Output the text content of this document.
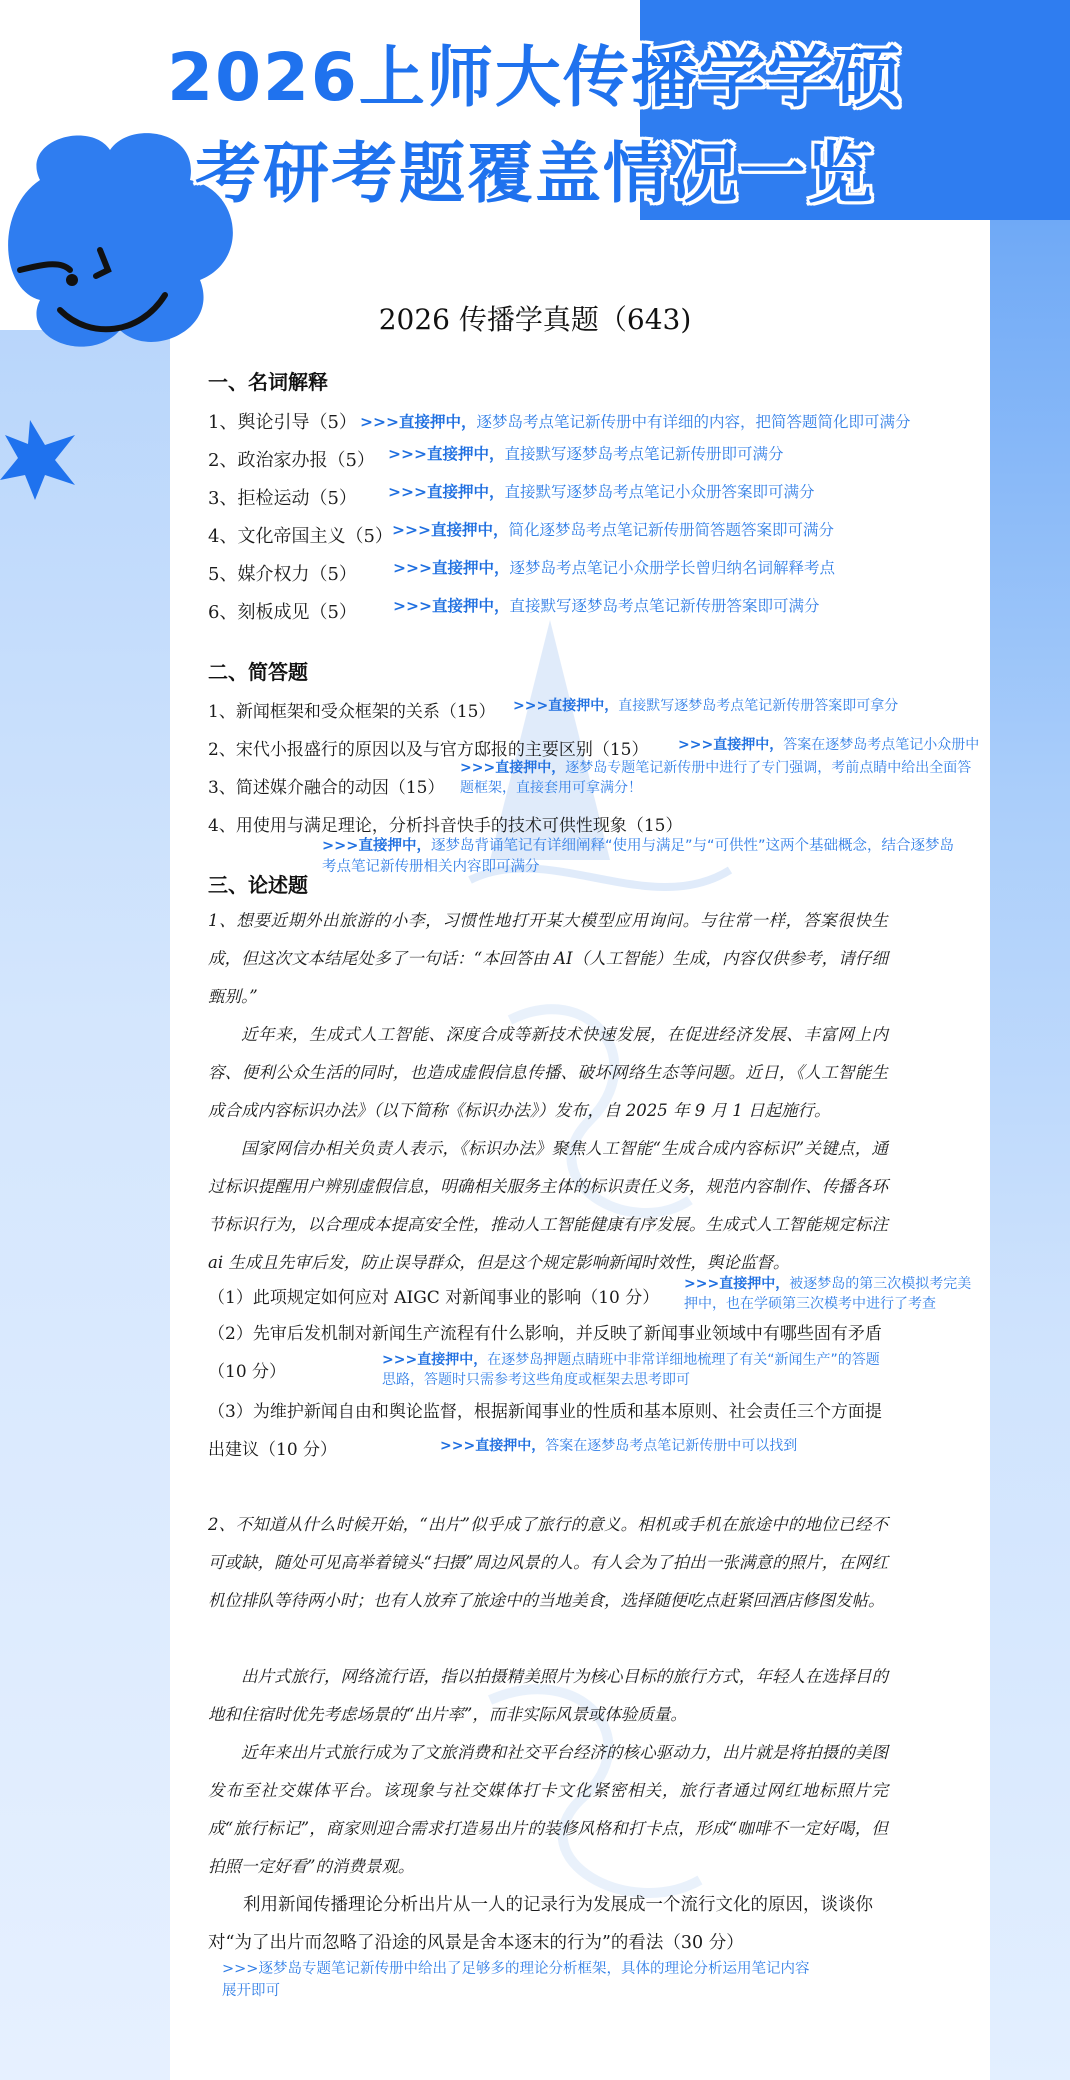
2026上师大传播学学硕
考研考题覆盖情况一览
2026 传播学真题（643)
一、名词解释
1、舆论引导（5） >>>直接押中，逐梦岛考点笔记新传册中有详细的内容，把简答题简化即可满分
2、政治家办报（5） >>>直接押中，直接默写逐梦岛考点笔记新传册即可满分
3、拒检运动（5） >>>直接押中，直接默写逐梦岛考点笔记小众册答案即可满分
4、文化帝国主义（5） >>>直接押中，简化逐梦岛考点笔记新传册简答题答案即可满分
5、媒介权力（5） >>>直接押中，逐梦岛考点笔记小众册学长曾归纳名词解释考点
6、刻板成见（5） >>>直接押中，直接默写逐梦岛考点笔记新传册答案即可满分
二、简答题
1、新闻框架和受众框架的关系（15） >>>直接押中，直接默写逐梦岛考点笔记新传册答案即可拿分
2、宋代小报盛行的原因以及与官方邸报的主要区别（15） >>>直接押中，答案在逐梦岛考点笔记小众册中
3、简述媒介融合的动因（15）
>>>直接押中，逐梦岛专题笔记新传册中进行了专门强调，考前点睛中给出全面答题框架，直接套用可拿满分！
4、用使用与满足理论，分析抖音快手的技术可供性现象（15）
>>>直接押中，逐梦岛背诵笔记有详细阐释“使用与满足”与“可供性”这两个基础概念，结合逐梦岛考点笔记新传册相关内容即可满分
三、论述题
1、想要近期外出旅游的小李，习惯性地打开某大模型应用询问。与往常一样，答案很快生成，但这次文本结尾处多了一句话：“本回答由 AI（人工智能）生成，内容仅供参考，请仔细甄别。”
近年来，生成式人工智能、深度合成等新技术快速发展，在促进经济发展、丰富网上内容、便利公众生活的同时，也造成虚假信息传播、破坏网络生态等问题。近日，《人工智能生成合成内容标识办法》（以下简称《标识办法》）发布，自 2025 年 9 月 1 日起施行。
国家网信办相关负责人表示，《标识办法》聚焦人工智能“生成合成内容标识”关键点，通过标识提醒用户辨别虚假信息，明确相关服务主体的标识责任义务，规范内容制作、传播各环节标识行为，以合理成本提高安全性，推动人工智能健康有序发展。生成式人工智能规定标注 ai 生成且先审后发，防止误导群众，但是这个规定影响新闻时效性，舆论监督。
（1）此项规定如何应对 AIGC 对新闻事业的影响（10 分）
>>>直接押中，被逐梦岛的第三次模拟考完美押中，也在学硕第三次模考中进行了考查
（2）先审后发机制对新闻生产流程有什么影响，并反映了新闻事业领域中有哪些固有矛盾（10 分）
>>>直接押中，在逐梦岛押题点睛班中非常详细地梳理了有关“新闻生产”的答题思路，答题时只需参考这些角度或框架去思考即可
（3）为维护新闻自由和舆论监督，根据新闻事业的性质和基本原则、社会责任三个方面提出建议（10 分）	>>>直接押中，答案在逐梦岛考点笔记新传册中可以找到
2、不知道从什么时候开始，“出片”似乎成了旅行的意义。相机或手机在旅途中的地位已经不可或缺，随处可见高举着镜头“扫摄”周边风景的人。有人会为了拍出一张满意的照片，在网红机位排队等待两小时；也有人放弃了旅途中的当地美食，选择随便吃点赶紧回酒店修图发帖。
出片式旅行，网络流行语，指以拍摄精美照片为核心目标的旅行方式，年轻人在选择目的地和住宿时优先考虑场景的“出片率”，而非实际风景或体验质量。
近年来出片式旅行成为了文旅消费和社交平台经济的核心驱动力，出片就是将拍摄的美图发布至社交媒体平台。该现象与社交媒体打卡文化紧密相关，旅行者通过网红地标照片完成“旅行标记”，商家则迎合需求打造易出片的装修风格和打卡点，形成“咖啡不一定好喝，但拍照一定好看”的消费景观。
利用新闻传播理论分析出片从一人的记录行为发展成一个流行文化的原因，谈谈你对“为了出片而忽略了沿途的风景是舍本逐末的行为”的看法（30 分）
>>>逐梦岛专题笔记新传册中给出了足够多的理论分析框架，具体的理论分析运用笔记内容展开即可
